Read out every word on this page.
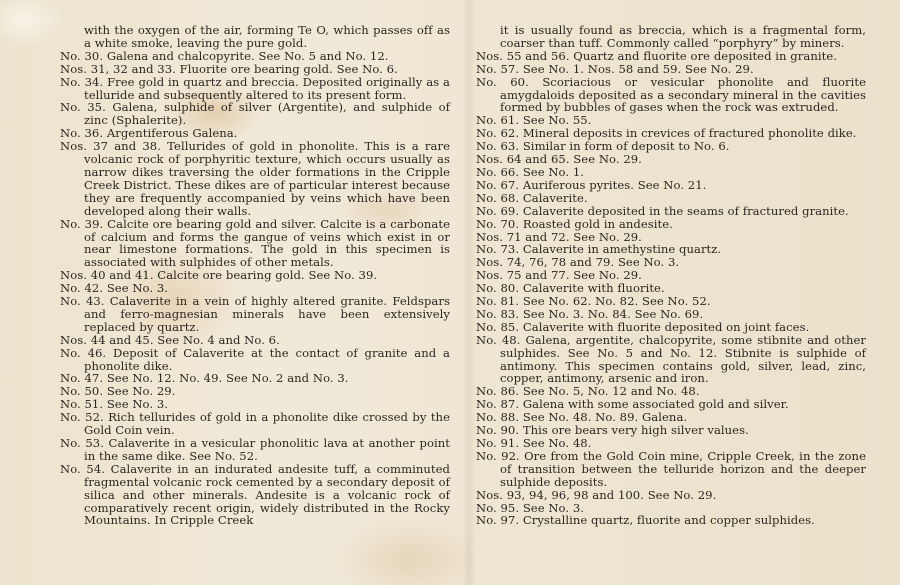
with the oxygen of the air, forming Te O, which passes off as a white smoke, leaving the pure gold.

No. 30. Galena and chalcopyrite. See No. 5 and No. 12.

Nos. 31, 32 and 33. Fluorite ore bearing gold. See No. 6.

No. 34. Free gold in quartz and breccia. Deposited originally as a telluride and subsequently altered to its present form.

No. 35. Galena, sulphide of silver (Argentite), and sulphide of zinc (Sphalerite).

No. 36. Argentiferous Galena.

Nos. 37 and 38. Tellurides of gold in phonolite. This is a rare volcanic rock of porphyritic texture, which occurs usually as narrow dikes traversing the older formations in the Cripple Creek District. These dikes are of particular interest because they are frequently accompanied by veins which have been developed along their walls.

No. 39. Calcite ore bearing gold and silver. Calcite is a carbonate of calcium and forms the gangue of veins which exist in or near limestone formations. The gold in this specimen is associated with sulphides of other metals.

Nos. 40 and 41. Calcite ore bearing gold. See No. 39.

No. 42. See No. 3.

No. 43. Calaverite in a vein of highly altered granite. Feldspars and ferro-magnesian minerals have been extensively replaced by quartz.

Nos. 44 and 45. See No. 4 and No. 6.

No. 46. Deposit of Calaverite at the contact of granite and a phonolite dike.

No. 47. See No. 12. No. 49. See No. 2 and No. 3.

No. 50. See No. 29.

No. 51. See No. 3.

No. 52. Rich tellurides of gold in a phonolite dike crossed by the Gold Coin vein.

No. 53. Calaverite in a vesicular phonolitic lava at another point in the same dike. See No. 52.

No. 54. Calaverite in an indurated andesite tuff, a comminuted fragmental volcanic rock cemented by a secondary deposit of silica and other minerals. Andesite is a volcanic rock of comparatively recent origin, widely distributed in the Rocky Mountains. In Cripple Creek

it is usually found as breccia, which is a fragmental form, coarser than tuff. Commonly called “porphyry” by miners.

Nos. 55 and 56. Quartz and fluorite ore deposited in granite.

No. 57. See No. 1. Nos. 58 and 59. See No. 29.

No. 60. Scoriacious or vesicular phonolite and fluorite amygdaloids deposited as a secondary mineral in the cavities formed by bubbles of gases when the rock was extruded.

No. 61. See No. 55.

No. 62. Mineral deposits in crevices of fractured phonolite dike.

No. 63. Similar in form of deposit to No. 6.

Nos. 64 and 65. See No. 29.

No. 66. See No. 1.

No. 67. Auriferous pyrites. See No. 21.

No. 68. Calaverite.

No. 69. Calaverite deposited in the seams of fractured granite.

No. 70. Roasted gold in andesite.

Nos. 71 and 72. See No. 29.

No. 73. Calaverite in amethystine quartz.

Nos. 74, 76, 78 and 79. See No. 3.

Nos. 75 and 77. See No. 29.

No. 80. Calaverite with fluorite.

No. 81. See No. 62. No. 82. See No. 52.

No. 83. See No. 3. No. 84. See No. 69.

No. 85. Calaverite with fluorite deposited on joint faces.

No. 48. Galena, argentite, chalcopyrite, some stibnite and other sulphides. See No. 5 and No. 12. Stibnite is sulphide of antimony. This specimen contains gold, silver, lead, zinc, copper, antimony, arsenic and iron.

No. 86. See No. 5, No. 12 and No. 48.

No. 87. Galena with some associated gold and silver.

No. 88. See No. 48. No. 89. Galena.

No. 90. This ore bears very high silver values.

No. 91. See No. 48.

No. 92. Ore from the Gold Coin mine, Cripple Creek, in the zone of transition between the telluride horizon and the deeper sulphide deposits.

Nos. 93, 94, 96, 98 and 100. See No. 29.

No. 95. See No. 3.

No. 97. Crystalline quartz, fluorite and copper sulphides.
